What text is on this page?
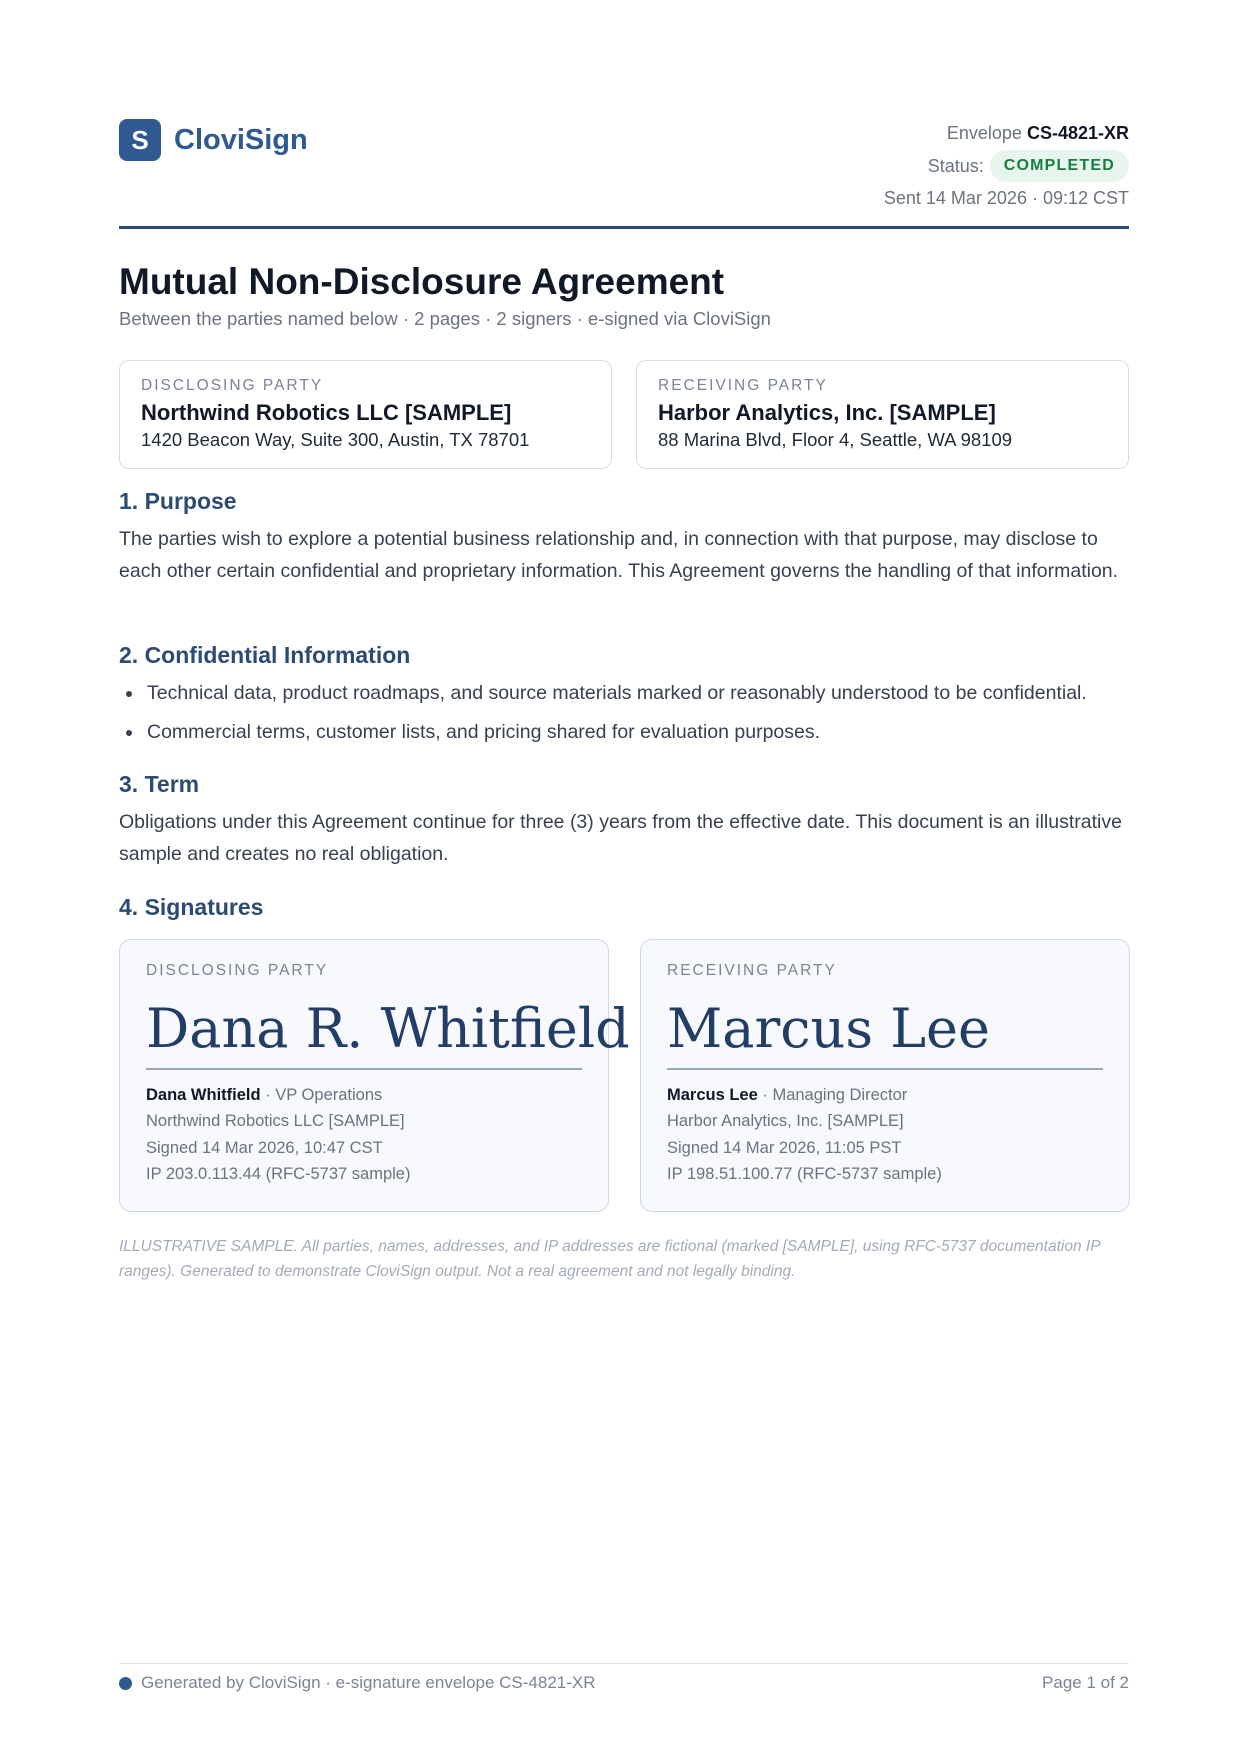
S CloviSign	Envelope CS-4821-XR
Status:	COMPLETED
Sent 14 Mar 2026 · 09:12 CST
Mutual Non-Disclosure Agreement
Between the parties named below · 2 pages · 2 signers · e-signed via CloviSign
DISCLOSING PARTY
Northwind Robotics LLC [SAMPLE]
1420 Beacon Way, Suite 300, Austin, TX 78701
RECEIVING PARTY
Harbor Analytics, Inc. [SAMPLE]
88 Marina Blvd, Floor 4, Seattle, WA 98109
1. Purpose

The parties wish to explore a potential business relationship and, in connection with that purpose, may disclose to each other certain confidential and proprietary information. This Agreement governs the handling of that information.

2. Confidential Information
Technical data, product roadmaps, and source materials marked or reasonably understood to be confidential.
Commercial terms, customer lists, and pricing shared for evaluation purposes.
3. Term

Obligations under this Agreement continue for three (3) years from the effective date. This document is an illustrative sample and creates no real obligation.

4. Signatures
DISCLOSING PARTY
Dana R. Whitfield
Dana Whitfield · VP Operations
Northwind Robotics LLC [SAMPLE]
Signed 14 Mar 2026, 10:47 CST
IP 203.0.113.44 (RFC-5737 sample)
RECEIVING PARTY
Marcus Lee
Marcus Lee · Managing Director
Harbor Analytics, Inc. [SAMPLE]
Signed 14 Mar 2026, 11:05 PST
IP 198.51.100.77 (RFC-5737 sample)

ILLUSTRATIVE SAMPLE. All parties, names, addresses, and IP addresses are fictional (marked [SAMPLE], using RFC-5737 documentation IP ranges). Generated to demonstrate CloviSign output. Not a real agreement and not legally binding.

Generated by CloviSign · e-signature envelope CS-4821-XR	Page 1 of 2
